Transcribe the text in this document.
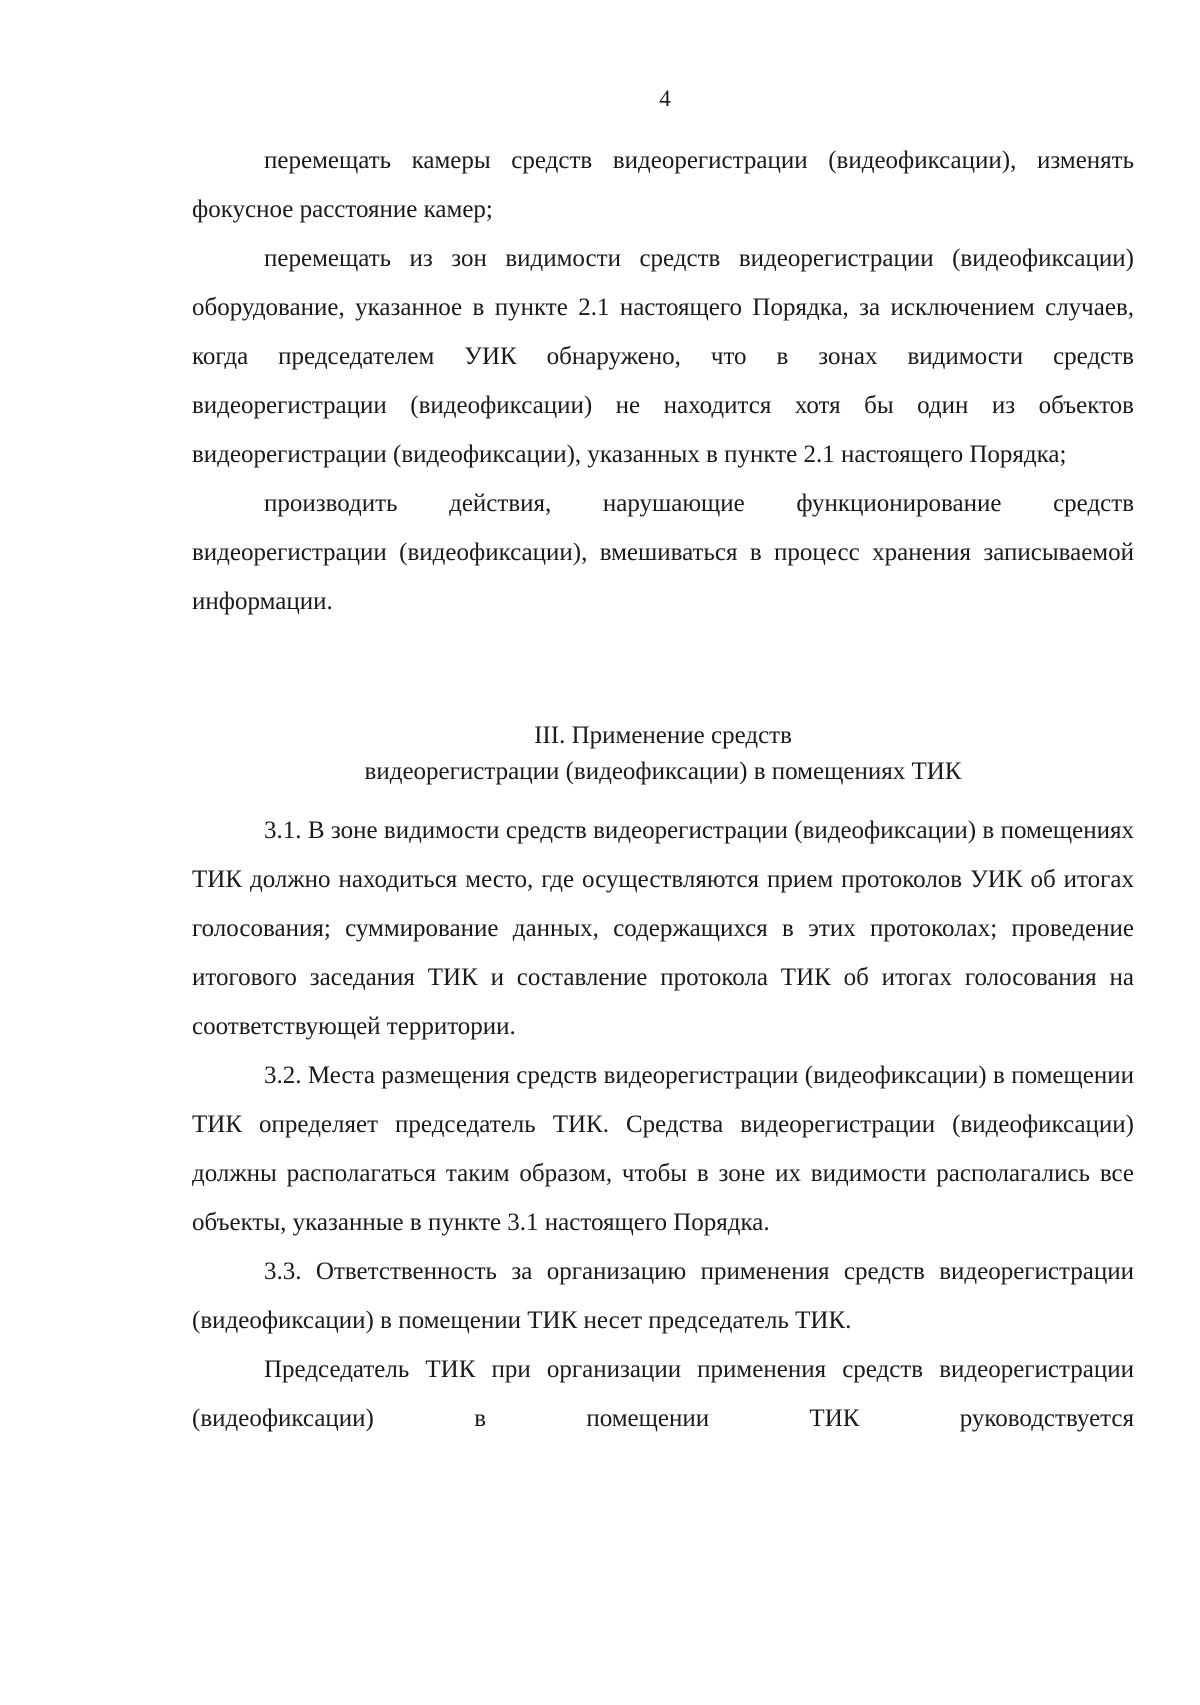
4

перемещать камеры средств видеорегистрации (видеофиксации), изменять фокусное расстояние камер;

перемещать из зон видимости средств видеорегистрации (видеофиксации) оборудование, указанное в пункте 2.1 настоящего Порядка, за исключением случаев, когда председателем УИК обнаружено, что в зонах видимости средств видеорегистрации (видеофиксации) не находится хотя бы один из объектов видеорегистрации (видеофиксации), указанных в пункте 2.1 настоящего Порядка;

производить действия, нарушающие функционирование средств видеорегистрации (видеофиксации), вмешиваться в процесс хранения записываемой информации.

III. Применение средств
видеорегистрации (видеофиксации) в помещениях ТИК

3.1. В зоне видимости средств видеорегистрации (видеофиксации) в помещениях ТИК должно находиться место, где осуществляются прием протоколов УИК об итогах голосования; суммирование данных, содержащихся в этих протоколах; проведение итогового заседания ТИК и составление протокола ТИК об итогах голосования на соответствующей территории.

3.2. Места размещения средств видеорегистрации (видеофиксации) в помещении ТИК определяет председатель ТИК. Средства видеорегистрации (видеофиксации) должны располагаться таким образом, чтобы в зоне их видимости располагались все объекты, указанные в пункте 3.1 настоящего Порядка.

3.3. Ответственность за организацию применения средств видеорегистрации (видеофиксации) в помещении ТИК несет председатель ТИК.

Председатель ТИК при организации применения средств видеорегистрации (видеофиксации) в помещении ТИК руководствуется
